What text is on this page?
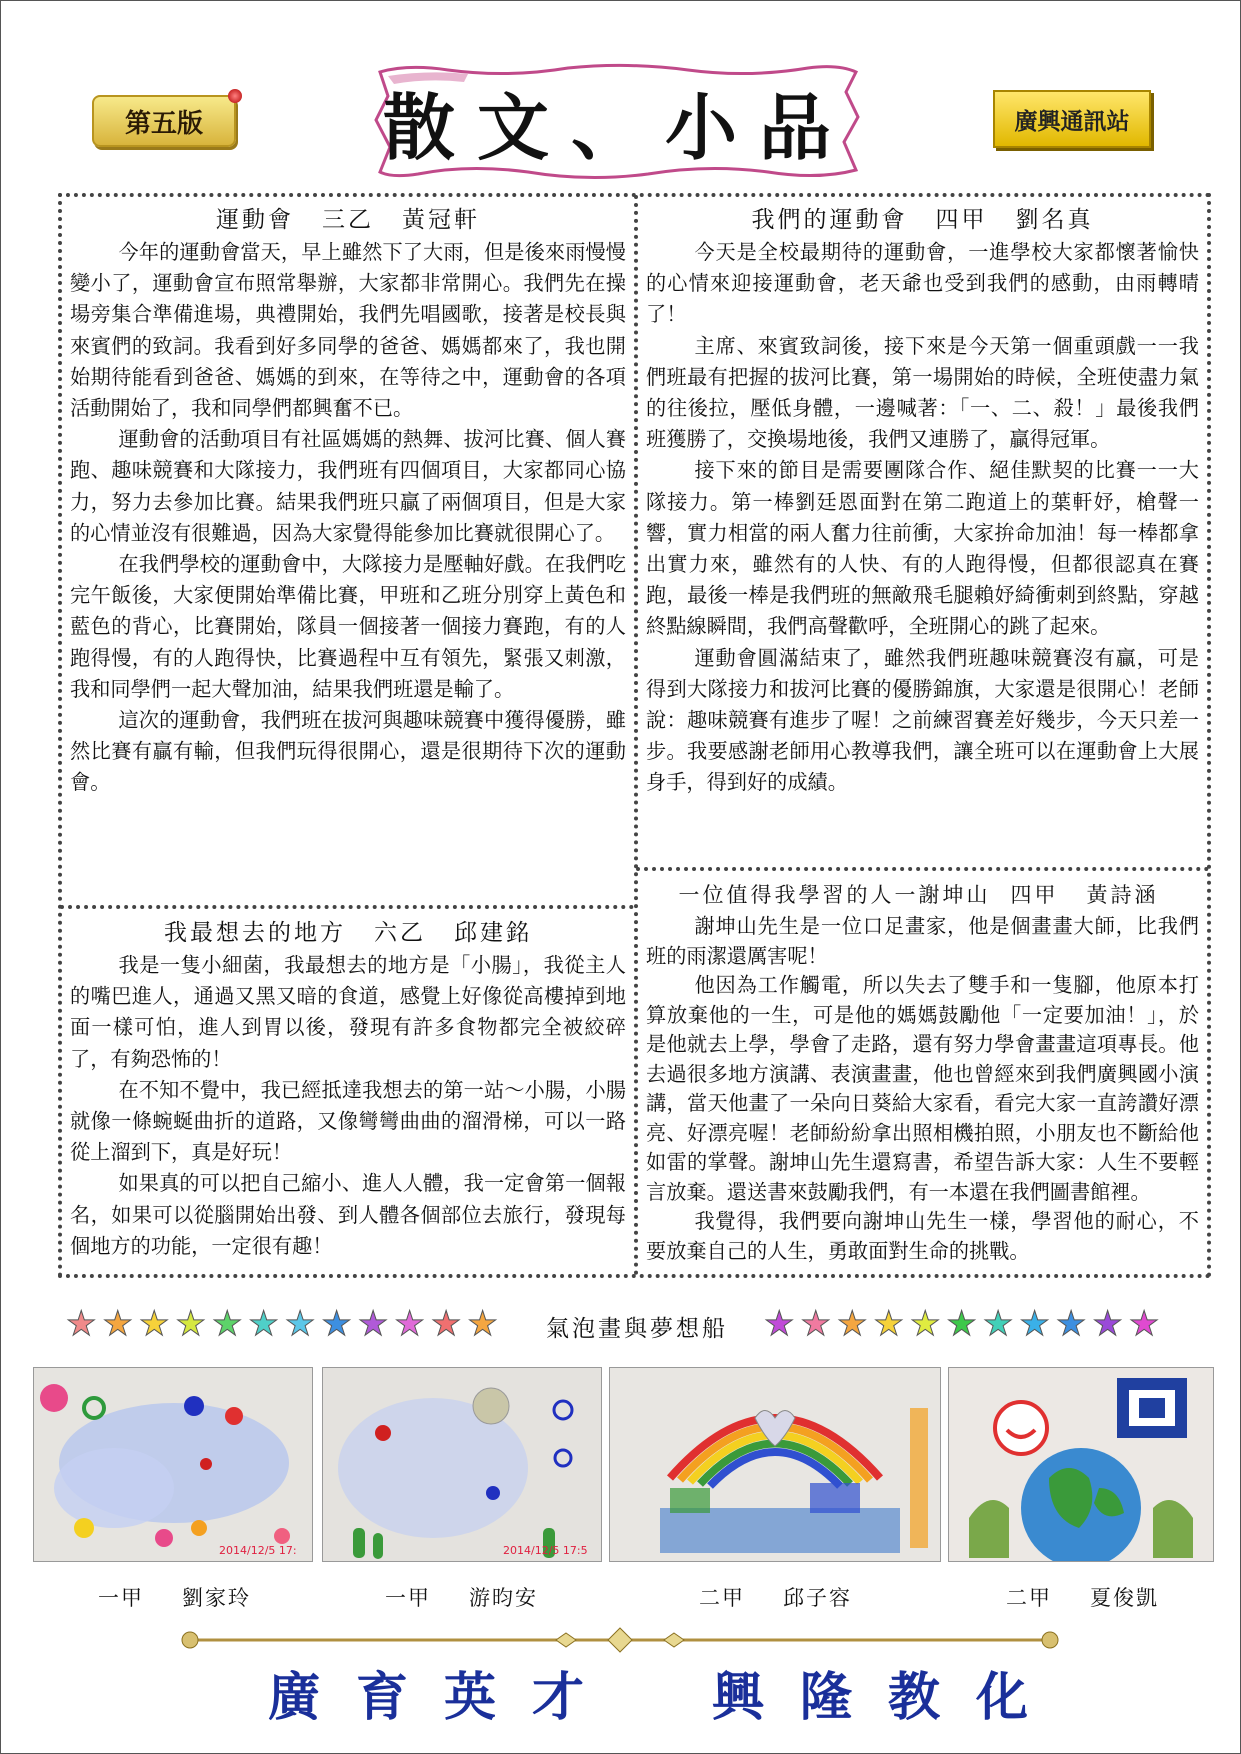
第五版 散文、小品	廣興通訊站
運動會 三乙 黃冠軒

今年的運動會當天，早上雖然下了大雨，但是後來雨慢慢變小了，運動會宣布照常舉辦，大家都非常開心。我們先在操場旁集合準備進場，典禮開始，我們先唱國歌，接著是校長與來賓們的致詞。我看到好多同學的爸爸、媽媽都來了，我也開始期待能看到爸爸、媽媽的到來，在等待之中，運動會的各項活動開始了，我和同學們都興奮不已。

運動會的活動項目有社區媽媽的熱舞、拔河比賽、個人賽跑、趣味競賽和大隊接力，我們班有四個項目，大家都同心協力，努力去參加比賽。結果我們班只贏了兩個項目，但是大家的心情並沒有很難過，因為大家覺得能參加比賽就很開心了。

在我們學校的運動會中，大隊接力是壓軸好戲。在我們吃完午飯後，大家便開始準備比賽，甲班和乙班分別穿上黃色和藍色的背心，比賽開始，隊員一個接著一個接力賽跑，有的人跑得慢，有的人跑得快，比賽過程中互有領先，緊張又刺激，我和同學們一起大聲加油，結果我們班還是輸了。

這次的運動會，我們班在拔河與趣味競賽中獲得優勝，雖然比賽有贏有輸，但我們玩得很開心，還是很期待下次的運動會。

我們的運動會 四甲 劉名真

今天是全校最期待的運動會，一進學校大家都懷著愉快的心情來迎接運動會，老天爺也受到我們的感動，由雨轉晴了！

主席、來賓致詞後，接下來是今天第一個重頭戲一一我們班最有把握的拔河比賽，第一場開始的時候，全班使盡力氣的往後拉，壓低身體，一邊喊著：「一、二、殺！」最後我們班獲勝了，交換場地後，我們又連勝了，贏得冠軍。

接下來的節目是需要團隊合作、絕佳默契的比賽一一大隊接力。第一棒劉廷恩面對在第二跑道上的葉軒妤，槍聲一響，實力相當的兩人奮力往前衝，大家拚命加油！每一棒都拿出實力來，雖然有的人快、有的人跑得慢，但都很認真在賽跑，最後一棒是我們班的無敵飛毛腿賴妤綺衝刺到終點，穿越終點線瞬間，我們高聲歡呼，全班開心的跳了起來。

運動會圓滿結束了，雖然我們班趣味競賽沒有贏，可是得到大隊接力和拔河比賽的優勝錦旗，大家還是很開心！老師說：趣味競賽有進步了喔！之前練習賽差好幾步，今天只差一步。我要感謝老師用心教導我們，讓全班可以在運動會上大展身手，得到好的成績。

我最想去的地方 六乙 邱建銘

我是一隻小細菌，我最想去的地方是「小腸」，我從主人的嘴巴進人，通過又黑又暗的食道，感覺上好像從高樓掉到地面一樣可怕，進人到胃以後，發現有許多食物都完全被絞碎了，有夠恐怖的！

在不知不覺中，我已經抵達我想去的第一站～小腸，小腸就像一條蜿蜒曲折的道路，又像彎彎曲曲的溜滑梯，可以一路從上溜到下，真是好玩！

如果真的可以把自己縮小、進人人體，我一定會第一個報名，如果可以從腦開始出發、到人體各個部位去旅行，發現每個地方的功能，一定很有趣！

一位值得我學習的人一謝坤山 四甲 黃詩涵

謝坤山先生是一位口足畫家，他是個畫畫大師，比我們班的雨潔還厲害呢！

他因為工作觸電，所以失去了雙手和一隻腳，他原本打算放棄他的一生，可是他的媽媽鼓勵他「一定要加油！」，於是他就去上學，學會了走路，還有努力學會畫畫這項專長。他去過很多地方演講、表演畫畫，他也曾經來到我們廣興國小演講，當天他畫了一朵向日葵給大家看，看完大家一直誇讚好漂亮、好漂亮喔！老師紛紛拿出照相機拍照，小朋友也不斷給他如雷的掌聲。謝坤山先生還寫書，希望告訴大家：人生不要輕言放棄。還送書來鼓勵我們，有一本還在我們圖書館裡。

我覺得，我們要向謝坤山先生一樣，學習他的耐心，不要放棄自己的人生，勇敢面對生命的挑戰。

★ ★ ★ ★ ★ ★ ★ ★ ★ ★ ★ ★	氣泡畫與夢想船	★ ★ ★ ★ ★ ★ ★ ★ ★ ★ ★
2014/12/5 17:	2014/12/5 17:5
一甲 劉家玲	一甲 游昀安	二甲 邱子容	二甲 夏俊凱
廣育英才 興隆教化
